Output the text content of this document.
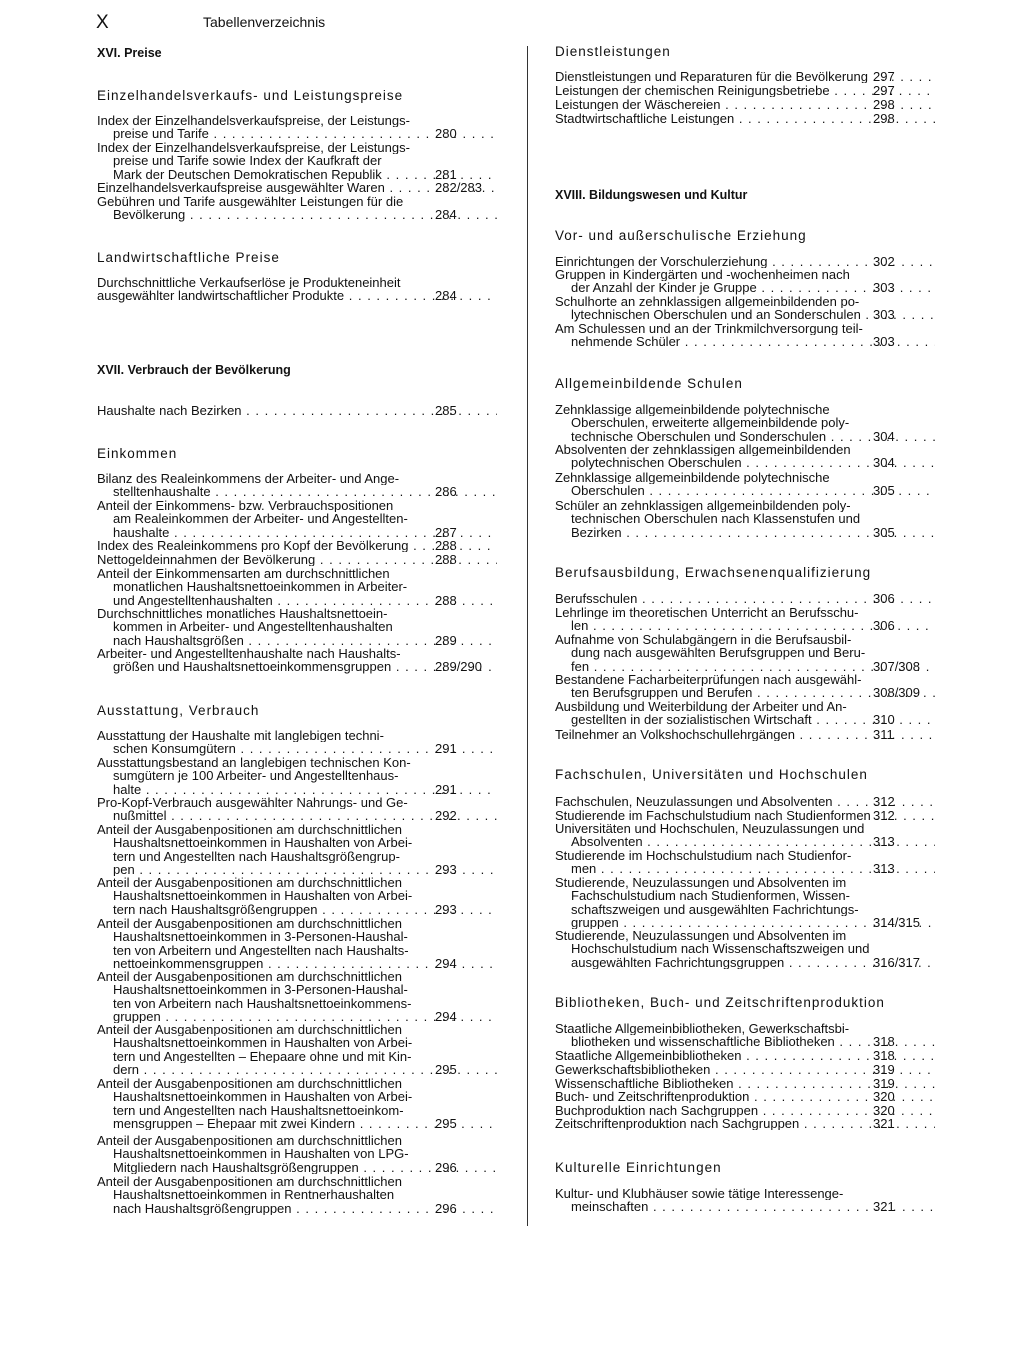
X	Tabellenverzeichnis
XVI. Preise
Einzelhandelsverkaufs- und Leistungspreise
Index der Einzelhandelsverkaufspreise, der Leistungs-
preise und Tarife . . .	280
Index der Einzelhandelsverkaufspreise, der Leistungs-
preise und Tarife sowie Index der Kaufkraft der
Mark der Deutschen Demokratischen Republik . . .	281
Einzelhandelsverkaufspreise ausgewählter Waren . . .	282/283
Gebühren und Tarife ausgewählter Leistungen für die
Bevölkerung . . .	284
Landwirtschaftliche Preise
Durchschnittliche Verkaufserlöse je Produkteneinheit
ausgewählter landwirtschaftlicher Produkte . . .	284
XVII. Verbrauch der Bevölkerung
Haushalte nach Bezirken . . .	285
Einkommen
Bilanz des Realeinkommens der Arbeiter- und Ange-
stelltenhaushalte . . .	286
Anteil der Einkommens- bzw. Verbrauchspositionen
am Realeinkommen der Arbeiter- und Angestellten-
haushalte . . .	287
Index des Realeinkommens pro Kopf der Bevölkerung . . .	288
Nettogeldeinnahmen der Bevölkerung . . .	288
Anteil der Einkommensarten am durchschnittlichen
monatlichen Haushaltsnettoeinkommen in Arbeiter-
und Angestelltenhaushalten . . .	288
Durchschnittliches monatliches Haushaltsnettoein-
kommen in Arbeiter- und Angestelltenhaushalten
nach Haushaltsgrößen . . .	289
Arbeiter- und Angestelltenhaushalte nach Haushalts-
größen und Haushaltsnettoeinkommensgruppen . . .	289/290
Ausstattung, Verbrauch
Ausstattung der Haushalte mit langlebigen techni-
schen Konsumgütern . . .	291
Ausstattungsbestand an langlebigen technischen Kon-
sumgütern je 100 Arbeiter- und Angestelltenhaus-
halte . . .	291
Pro-Kopf-Verbrauch ausgewählter Nahrungs- und Ge-
nußmittel . . .	292
Anteil der Ausgabenpositionen am durchschnittlichen
Haushaltsnettoeinkommen in Haushalten von Arbei-
tern und Angestellten nach Haushaltsgrößengrup-
pen . . .	293
Anteil der Ausgabenpositionen am durchschnittlichen
Haushaltsnettoeinkommen in Haushalten von Arbei-
tern nach Haushaltsgrößengruppen . . .	293
Anteil der Ausgabenpositionen am durchschnittlichen
Haushaltsnettoeinkommen in 3-Personen-Haushal-
ten von Arbeitern und Angestellten nach Haushalts-
nettoeinkommensgruppen . . .	294
Anteil der Ausgabenpositionen am durchschnittlichen
Haushaltsnettoeinkommen in 3-Personen-Haushal-
ten von Arbeitern nach Haushaltsnettoeinkommens-
gruppen . . .	294
Anteil der Ausgabenpositionen am durchschnittlichen
Haushaltsnettoeinkommen in Haushalten von Arbei-
tern und Angestellten – Ehepaare ohne und mit Kin-
dern . . .	295
Anteil der Ausgabenpositionen am durchschnittlichen
Haushaltsnettoeinkommen in Haushalten von Arbei-
tern und Angestellten nach Haushaltsnettoeinkom-
mensgruppen – Ehepaar mit zwei Kindern . . .	295
Anteil der Ausgabenpositionen am durchschnittlichen
Haushaltsnettoeinkommen in Haushalten von LPG-
Mitgliedern nach Haushaltsgrößengruppen . . .	296
Anteil der Ausgabenpositionen am durchschnittlichen
Haushaltsnettoeinkommen in Rentnerhaushalten
nach Haushaltsgrößengruppen . . .	296
Dienstleistungen
Dienstleistungen und Reparaturen für die Bevölkerung . . . 297
Leistungen der chemischen Reinigungsbetriebe . . .	297
Leistungen der Wäschereien . . .	298
Stadtwirtschaftliche Leistungen . . .	298
XVIII. Bildungswesen und Kultur
Vor- und außerschulische Erziehung
Einrichtungen der Vorschulerziehung . . .	302
Gruppen in Kindergärten und -wochenheimen nach
der Anzahl der Kinder je Gruppe . . .	303
Schulhorte an zehnklassigen allgemeinbildenden po-
lytechnischen Oberschulen und an Sonderschulen . . . 303
Am Schulessen und an der Trinkmilchversorgung teil-
nehmende Schüler . . .	303
Allgemeinbildende Schulen
Zehnklassige allgemeinbildende polytechnische
Oberschulen, erweiterte allgemeinbildende poly-
technische Oberschulen und Sonderschulen . . .	304
Absolventen der zehnklassigen allgemeinbildenden
polytechnischen Oberschulen . . .	304
Zehnklassige allgemeinbildende polytechnische
Oberschulen . . .	305
Schüler an zehnklassigen allgemeinbildenden poly-
technischen Oberschulen nach Klassenstufen und
Bezirken . . .	305
Berufsausbildung, Erwachsenenqualifizierung
Berufsschulen . . .	306
Lehrlinge im theoretischen Unterricht an Berufsschu-
len . . .	306
Aufnahme von Schulabgängern in die Berufsausbil-
dung nach ausgewählten Berufsgruppen und Beru-
fen . . .	307/308
Bestandene Facharbeiterprüfungen nach ausgewähl-
ten Berufsgruppen und Berufen . . .	308/309
Ausbildung und Weiterbildung der Arbeiter und An-
gestellten in der sozialistischen Wirtschaft . . .	310
Teilnehmer an Volkshochschullehrgängen . . .	311
Fachschulen, Universitäten und Hochschulen
Fachschulen, Neuzulassungen und Absolventen . . .	312
Studierende im Fachschulstudium nach Studienformen . . . 312
Universitäten und Hochschulen, Neuzulassungen und
Absolventen . . .	313
Studierende im Hochschulstudium nach Studienfor-
men . . .	313
Studierende, Neuzulassungen und Absolventen im
Fachschulstudium nach Studienformen, Wissen-
schaftszweigen und ausgewählten Fachrichtungs-
gruppen . . .	314/315
Studierende, Neuzulassungen und Absolventen im
Hochschulstudium nach Wissenschaftszweigen und
ausgewählten Fachrichtungsgruppen . . .	316/317
Bibliotheken, Buch- und Zeitschriftenproduktion
Staatliche Allgemeinbibliotheken, Gewerkschaftsbi-
bliotheken und wissenschaftliche Bibliotheken . . .	318
Staatliche Allgemeinbibliotheken . . .	318
Gewerkschaftsbibliotheken . . .	319
Wissenschaftliche Bibliotheken . . .	319
Buch- und Zeitschriftenproduktion . . .	320
Buchproduktion nach Sachgruppen . . .	320
Zeitschriftenproduktion nach Sachgruppen . . .	321
Kulturelle Einrichtungen
Kultur- und Klubhäuser sowie tätige Interessenge-
meinschaften . . .	321
